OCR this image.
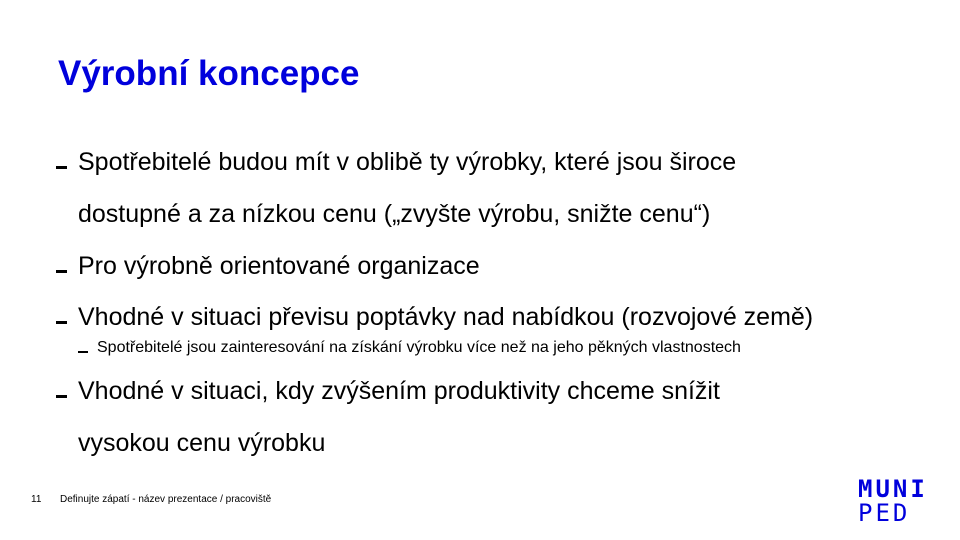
Výrobní koncepce
Spotřebitelé budou mít v oblibě ty výrobky, které jsou široce
dostupné a za nízkou cenu („zvyšte výrobu, snižte cenu“)
Pro výrobně orientované organizace
Vhodné v situaci převisu poptávky nad nabídkou (rozvojové země)
Spotřebitelé jsou zainteresování na získání výrobku více než na jeho pěkných vlastnostech
Vhodné v situaci, kdy zvýšením produktivity chceme snížit
vysokou cenu výrobku
11 Definujte zápatí - název prezentace / pracoviště	MUNI
PED
